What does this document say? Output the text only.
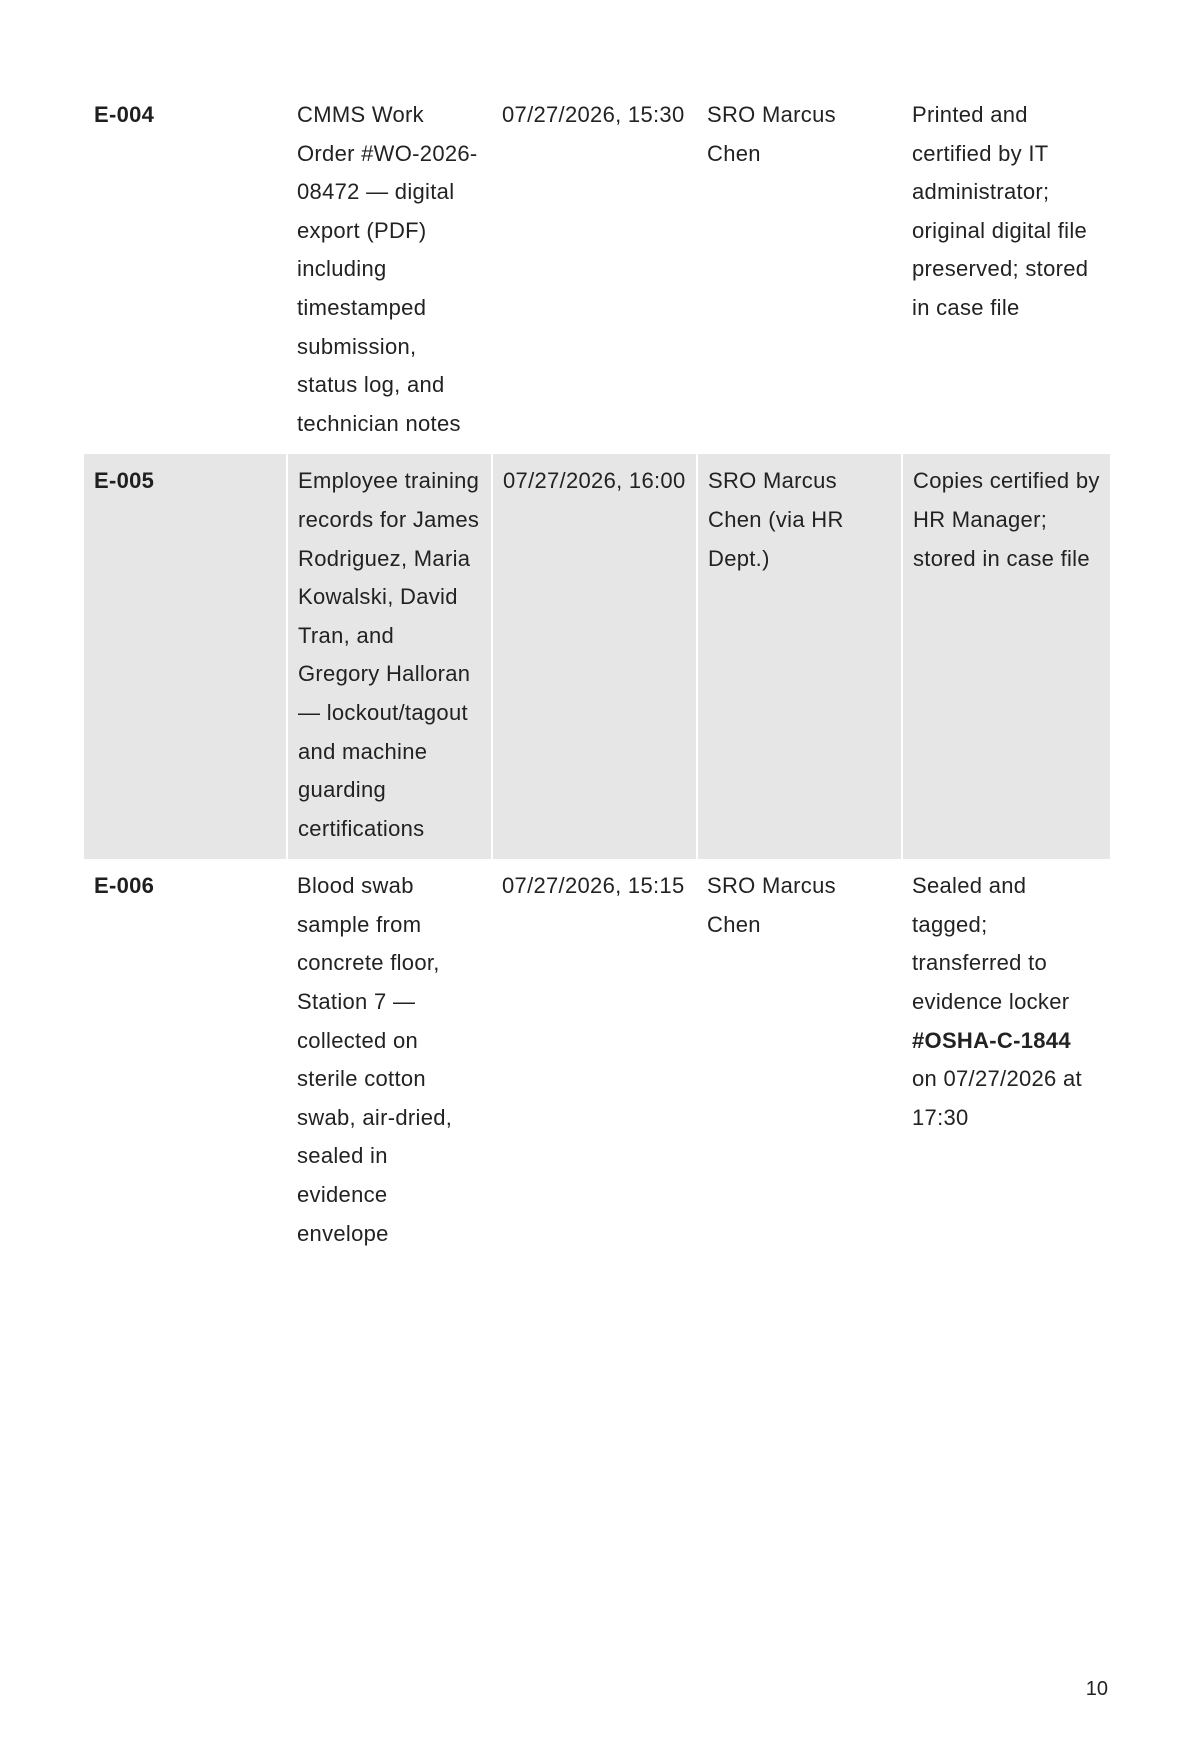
E-004	CMMS Work Order #WO-2026-08472 — digital export (PDF) including timestamped submission, status log, and technician notes	07/27/2026, 15:30	SRO Marcus Chen	Printed and certified by IT administrator; original digital file preserved; stored in case file
E-005	Employee training records for James Rodriguez, Maria Kowalski, David Tran, and Gregory Halloran — lockout/tagout and machine guarding certifications	07/27/2026, 16:00	SRO Marcus Chen (via HR Dept.)	Copies certified by HR Manager; stored in case file
E-006	Blood swab sample from concrete floor, Station 7 — collected on sterile cotton swab, air-dried, sealed in evidence envelope	07/27/2026, 15:15	SRO Marcus Chen	Sealed and tagged; transferred to evidence locker #OSHA-C-1844 on 07/27/2026 at 17:30
10
